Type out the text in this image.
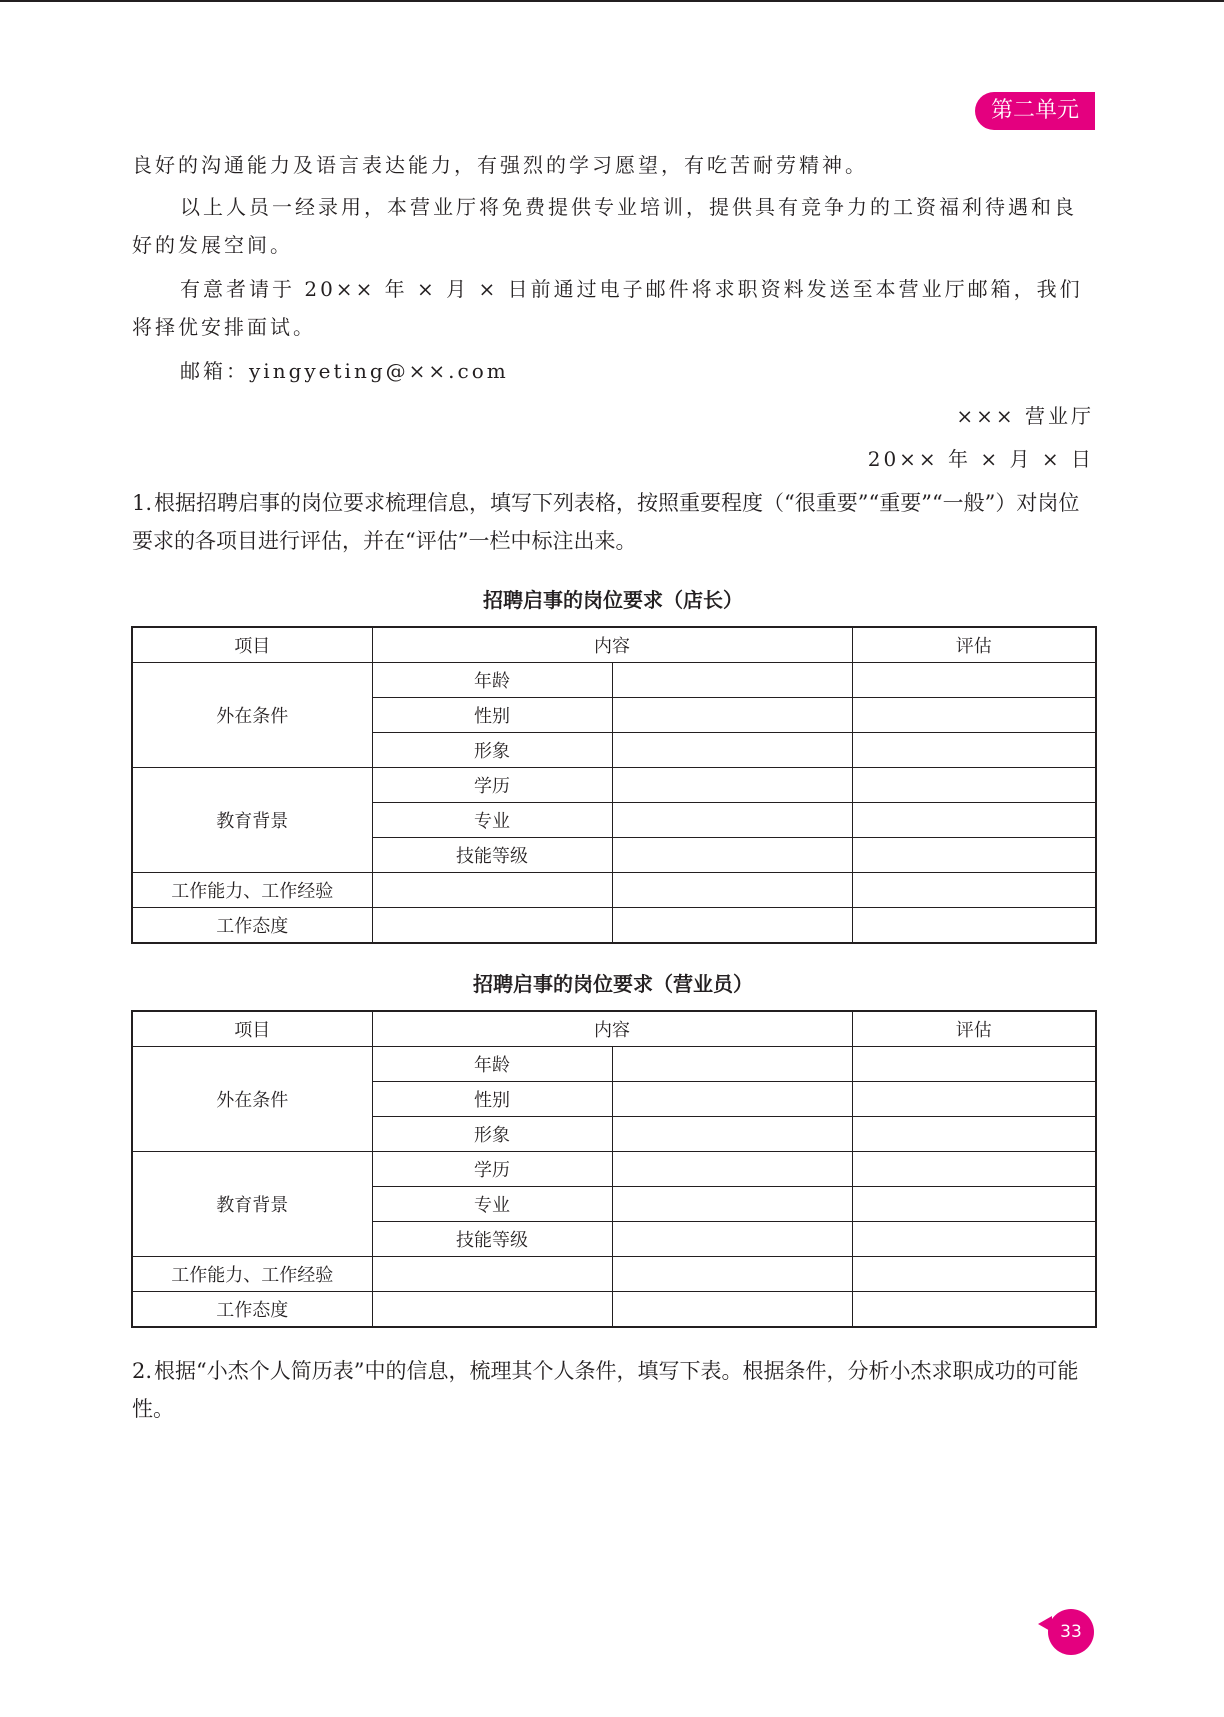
第二单元

良好的沟通能力及语言表达能力，有强烈的学习愿望，有吃苦耐劳精神。

以上人员一经录用，本营业厅将免费提供专业培训，提供具有竞争力的工资福利待遇和良好的发展空间。

有意者请于 20×× 年 × 月 × 日前通过电子邮件将求职资料发送至本营业厅邮箱，我们将择优安排面试。

邮箱：yingyeting@××.com

××× 营业厅

20×× 年 × 月 × 日

1.根据招聘启事的岗位要求梳理信息，填写下列表格，按照重要程度（“很重要”“重要”“一般”）对岗位要求的各项目进行评估，并在“评估”一栏中标注出来。
招聘启事的岗位要求（店长）
项目	内容		评估
外在条件	年龄		
	性别		
	形象		
教育背景	学历		
	专业		
	技能等级		
工作能力、工作经验			
工作态度			
招聘启事的岗位要求（营业员）
项目	内容		评估
外在条件	年龄		
	性别		
	形象		
教育背景	学历		
	专业		
	技能等级		
工作能力、工作经验			
工作态度			
2.根据“小杰个人简历表”中的信息，梳理其个人条件，填写下表。根据条件，分析小杰求职成功的可能性。
33
